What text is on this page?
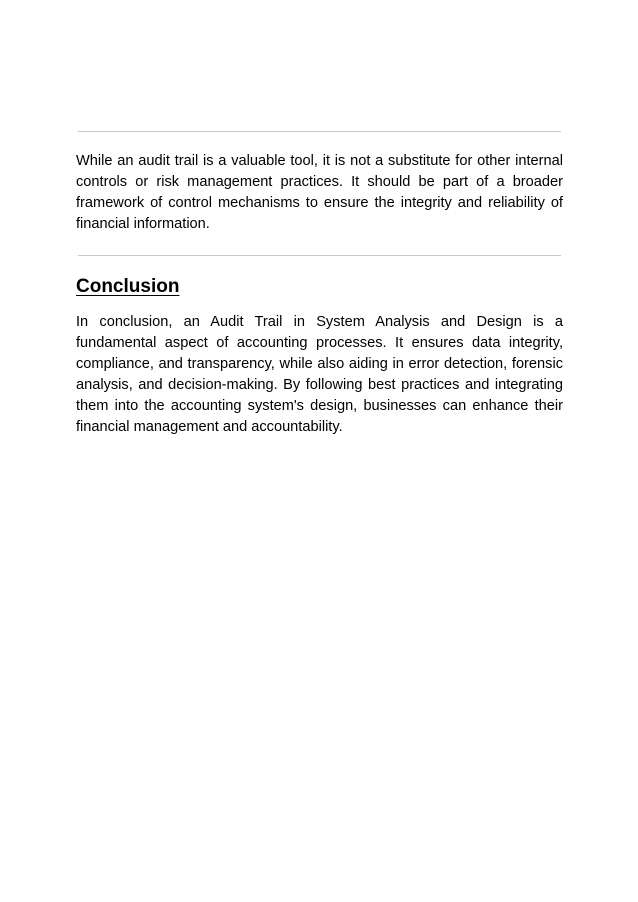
While an audit trail is a valuable tool, it is not a substitute for other internal controls or risk management practices. It should be part of a broader framework of control mechanisms to ensure the integrity and reliability of financial information.

Conclusion

In conclusion, an Audit Trail in System Analysis and Design is a fundamental aspect of accounting processes. It ensures data integrity, compliance, and transparency, while also aiding in error detection, forensic analysis, and decision-making. By following best practices and integrating them into the accounting system's design, businesses can enhance their financial management and accountability.
